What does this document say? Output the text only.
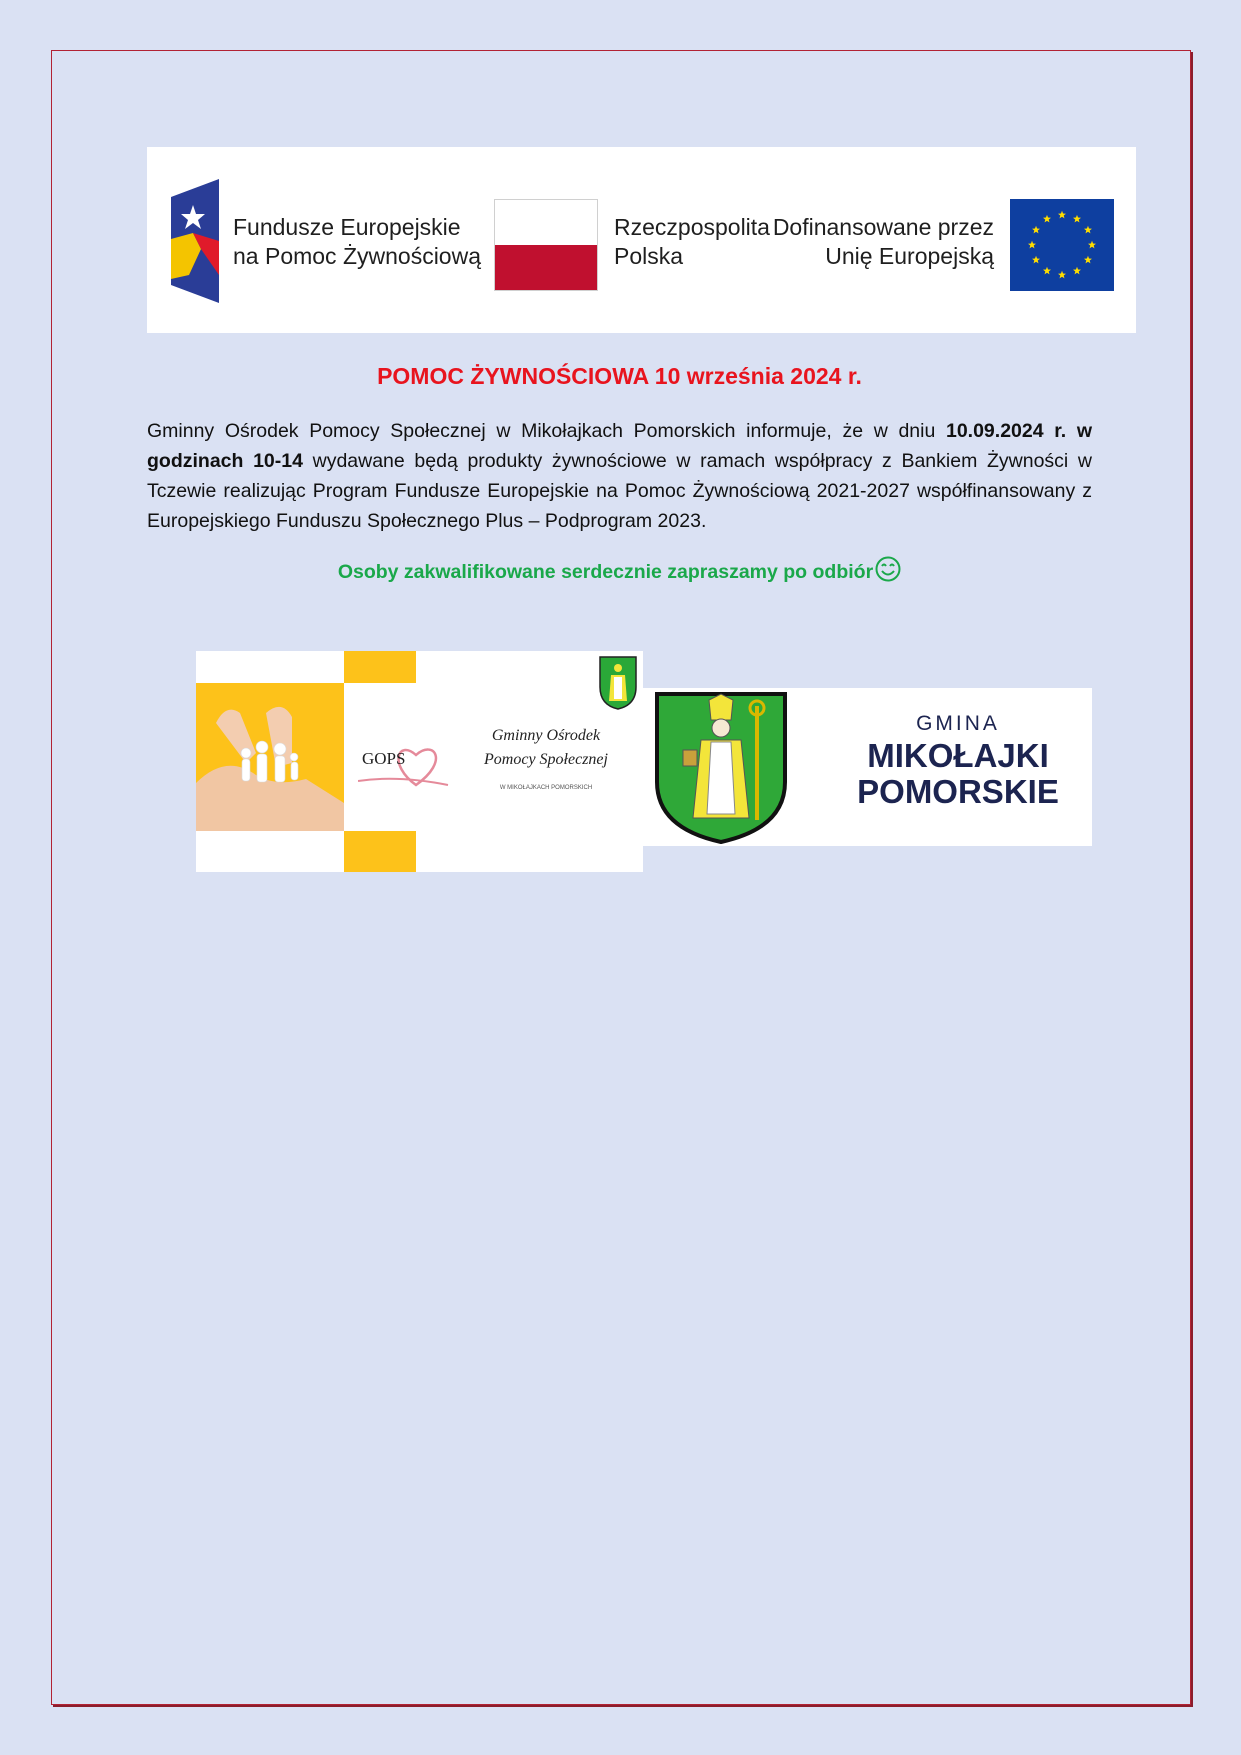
Fundusze Europejskie
na Pomoc Żywnościową
Rzeczpospolita
Polska
Dofinansowane przez
Unię Europejską
POMOC ŻYWNOŚCIOWA 10 września 2024 r.
Gminny Ośrodek Pomocy Społecznej w Mikołajkach Pomorskich informuje, że w dniu 10.09.2024 r. w godzinach 10-14 wydawane będą produkty żywnościowe w ramach współpracy z Bankiem Żywności w Tczewie realizując Program Fundusze Europejskie na Pomoc Żywnościową 2021-2027 współfinansowany z Europejskiego Funduszu Społecznego Plus – Podprogram 2023.
Osoby zakwalifikowane serdecznie zapraszamy po odbiór
GOPS
Gminny Ośrodek Pomocy Społecznej
W MIKOŁAJKACH POMORSKICH
GMINA
MIKOŁAJKI
POMORSKIE
